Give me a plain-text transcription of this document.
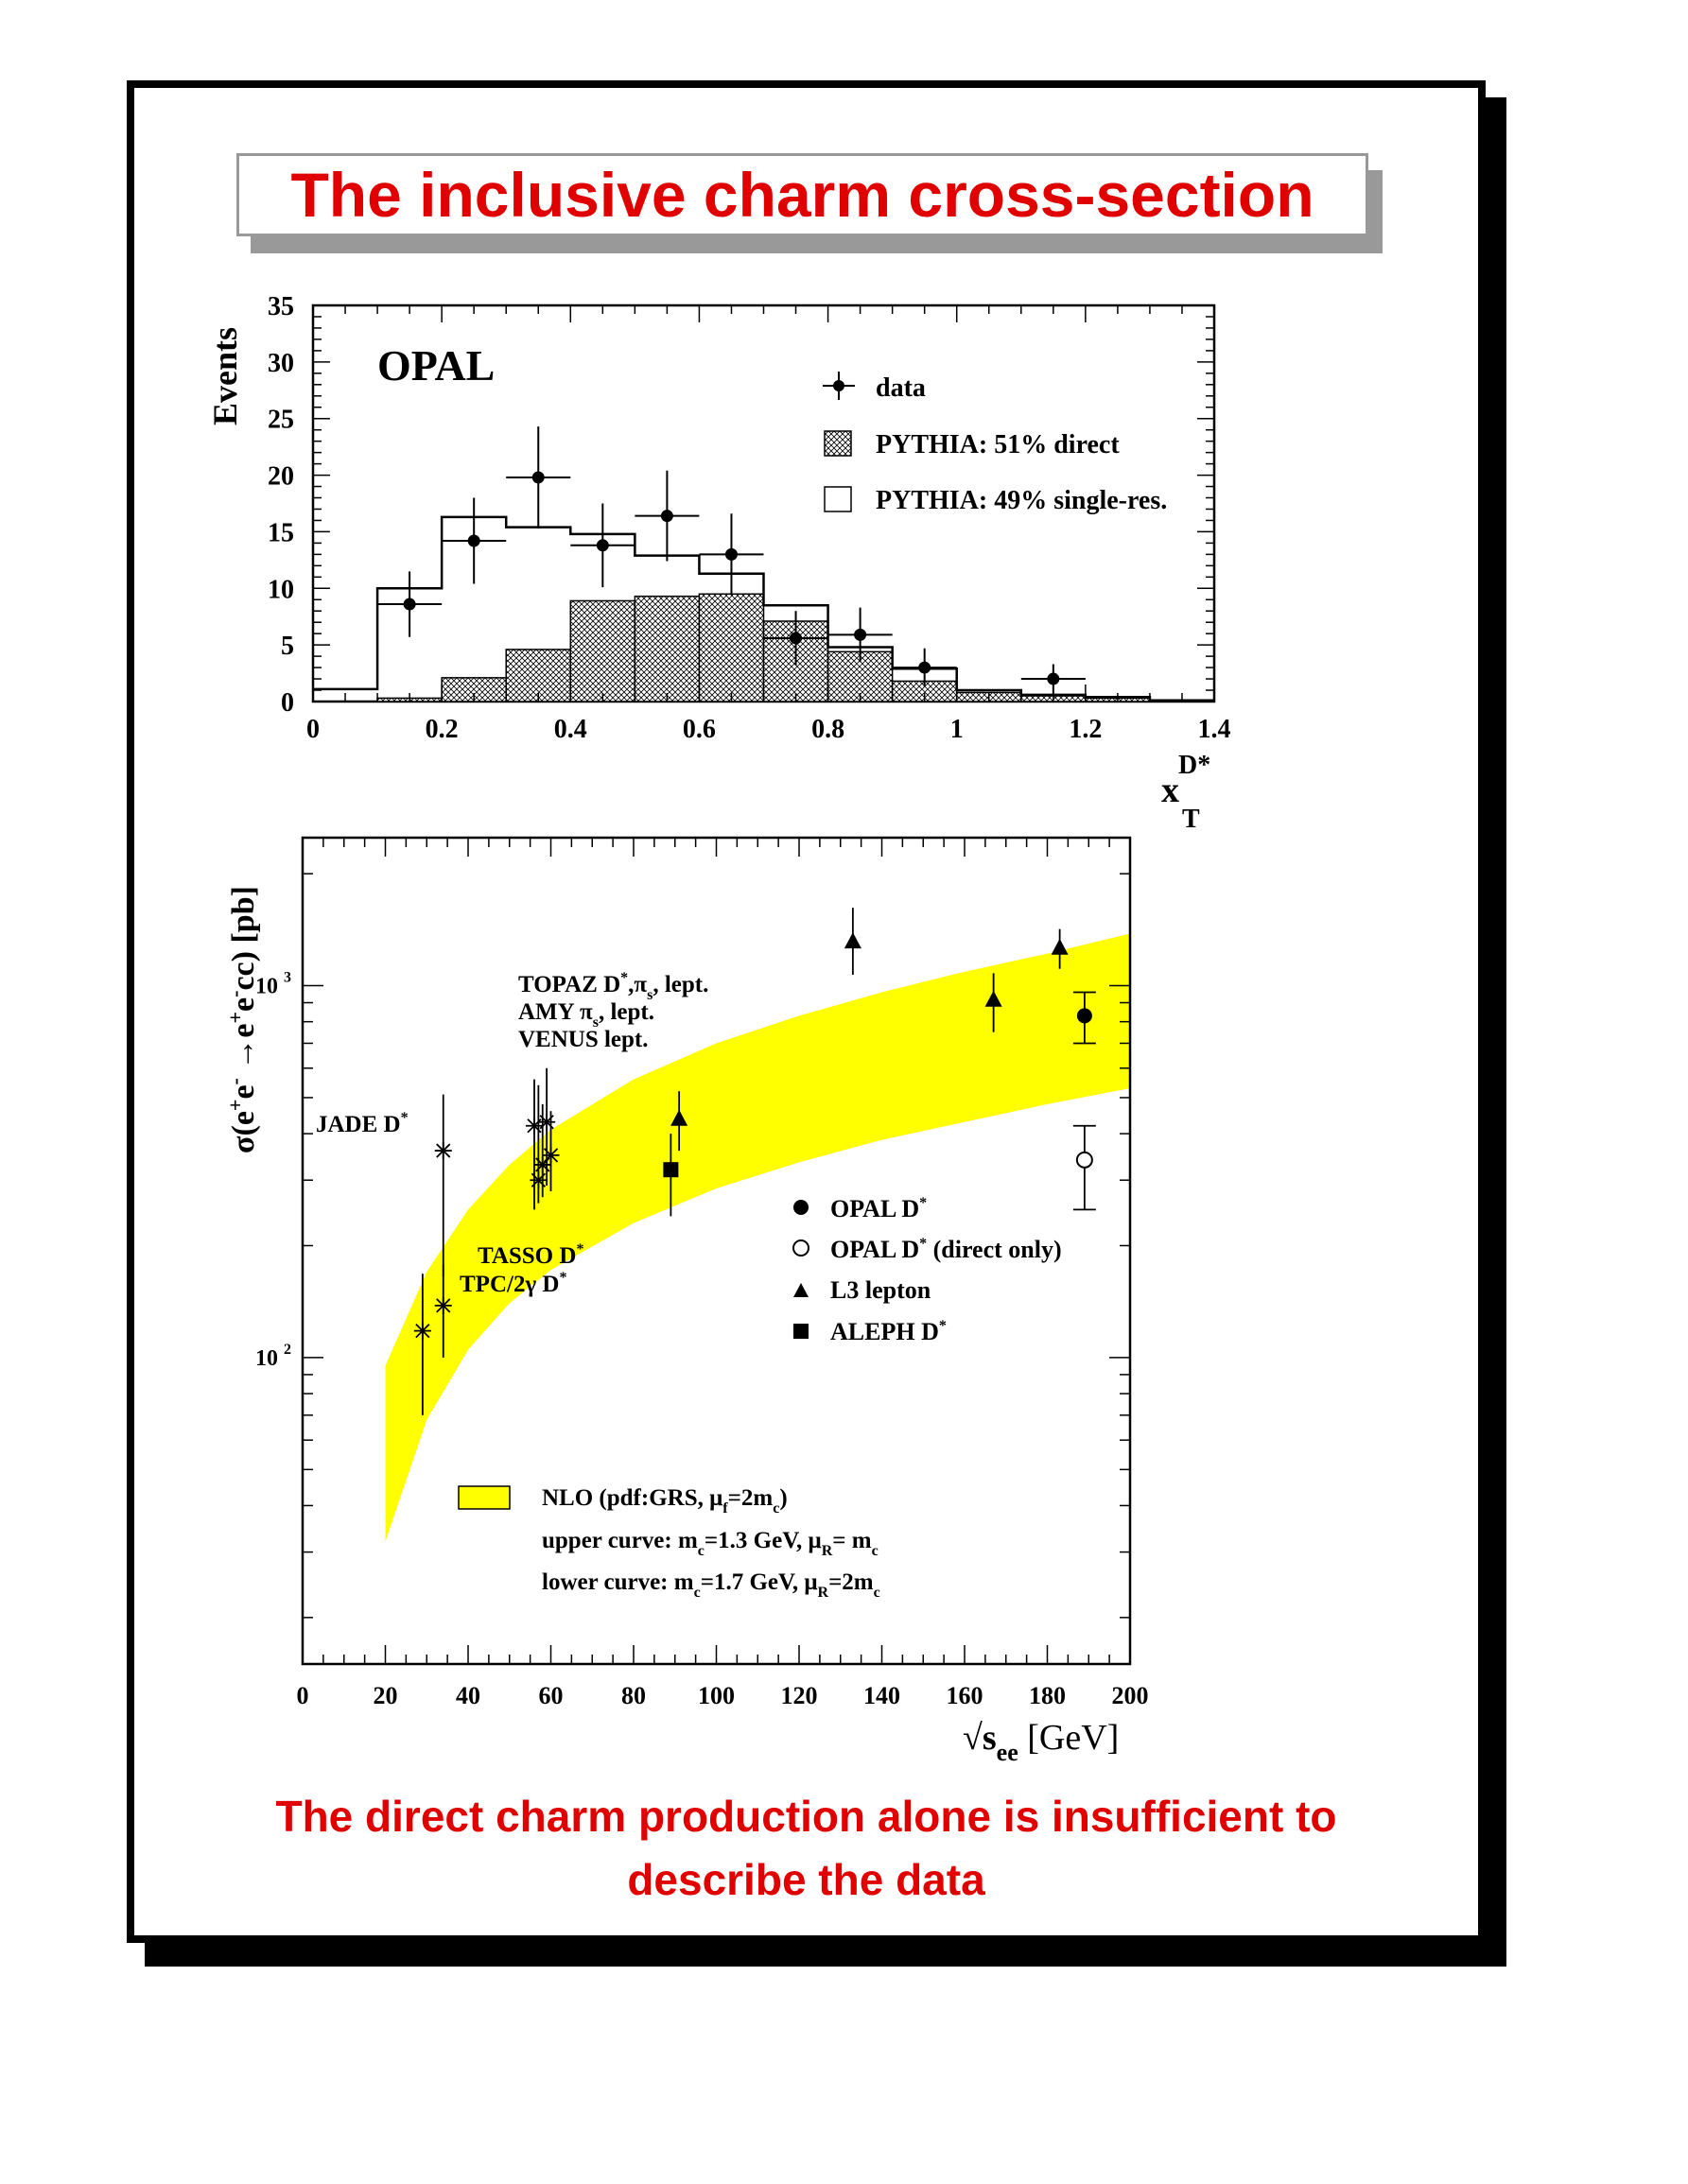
The inclusive charm cross-section
0	0.2	0.4	0.6	0.8	1	1.2	1.4
0
5
10
15
20
25
30
35
OPAL
Events	data
PYTHIA: 51% direct
PYTHIA: 49% single-res.
x
D*
T
0	20 40 60 80 100 120 140 160 180 200
10 $^2$
10 $^3$
σ(e+e- →e+e-cc) [pb]
$√s_{ee}$ [GeV]
TOPAZ $D^*,\pi_s$, lept.
AMY $\pi_s$, lept.
VENUS lept.
JADE D*
TASSO D*
TPC/2γ D*
OPAL D*
OPAL D* (direct only)
L3 lepton
ALEPH D*
NLO (pdf:GRS, $\mu_f=2m_c$)
upper curve: $m_c=1.3$ GeV, $\mu_R= m_c$
lower curve: $m_c=1.7$ GeV, $\mu_R=2m_c$
The direct charm production alone is insufficient to
describe the data
